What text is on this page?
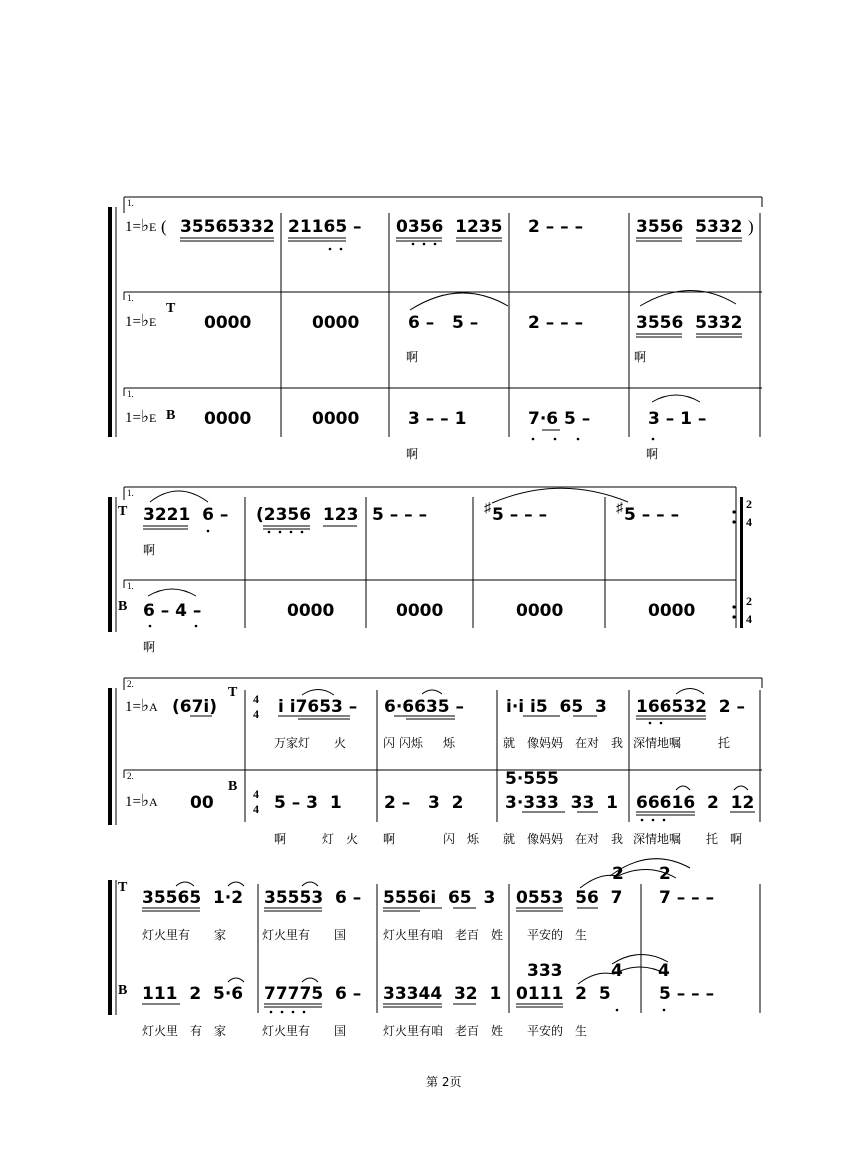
1.
1=♭E ( 35565332 21165 – 0356  1235 2 – – –	3556  5332 )
1.
1=♭E
T
0000	0000	6 –   5 –	2 – – –	3556  5332
啊	啊
1.
1=♭E B 0000	0000	3 – – 1	7·6 5 –	3 – 1 –
啊	啊
1.
T 3221  6 – (2356  123 5 – – –	♯ 5 – – –	♯ 5 – – –
啊
2
4
1.
B 6 – 4 –	0000	0000	0000	0000
啊
2
4
2.
1=♭A (67i)
T 4
4 i i7653 – 6·6635 – i·i i5  65  3 166532  2 –
万家灯 火	闪 闪烁 烁	就 像妈妈 在对 我 深情地嘱	托
2.
1=♭A 00
B 4
4 5 – 3  1 2 –   3  2
5·555
3·333  33  1 66616  2  12
啊	灯 火 啊	闪 烁 就 像妈妈 在对 我 深情地嘱 托 啊
T
35565  1·2 35553  6 – 5556i  65  3 0553  56  7 7 – – –
2 2
灯火里有 家	灯火里有 国	灯火里有咱 老百 姓 平安的 生
B 111  2  5·6 77775  6 – 33344  32  1 0111  2  5	5 – – –
333	4 4
灯火里 有 家	灯火里有 国	灯火里有咱 老百 姓 平安的 生
第 2页
